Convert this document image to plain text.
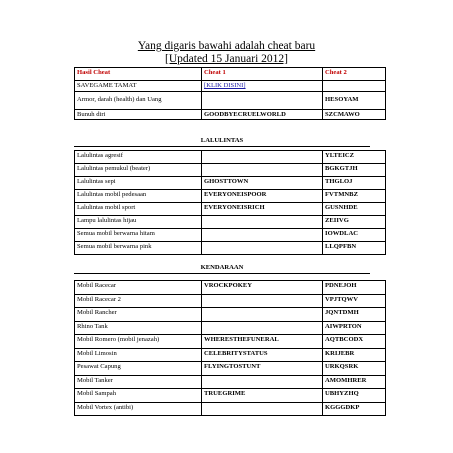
Yang digaris bawahi adalah cheat baru
[Updated 15 Januari 2012]
Hasil Cheat	Cheat 1	Cheat 2
SAVEGAME TAMAT	[KLIK DISINI]	
Armor, darah (health) dan Uang		HESOYAM
Bunuh diri	GOODBYECRUELWORLD	SZCMAWO
LALULINTAS
Lalulintas agresif		YLTEICZ
Lalulintas pemukul (beater)		BGKGTJH
Lalulintas sepi	GHOSTTOWN	THGLOJ
Lalulintas mobil pedesaan	EVERYONEISPOOR	FVTMNBZ
Lalulintas mobil sport	EVERYONEISRICH	GUSNHDE
Lampu lalulintas hijau		ZEIIVG
Semua mobil berwarna hitam		IOWDLAC
Semua mobil berwarna pink		LLQPFBN
KENDARAAN
Mobil Racecar	VROCKPOKEY	PDNEJOH
Mobil Racecar 2		VPJTQWV
Mobil Rancher		JQNTDMH
Rhino Tank		AIWPRTON
Mobil Romero (mobil jenazah)	WHERESTHEFUNERAL	AQTBCODX
Mobil Limosin	CELEBRITYSTATUS	KRIJEBR
Pesawat Capung	FLYINGTOSTUNT	URKQSRK
Mobil Tanker		AMOMHRER
Mobil Sampah	TRUEGRIME	UBHYZHQ
Mobil Vortex (antibi)		KGGGDKP
